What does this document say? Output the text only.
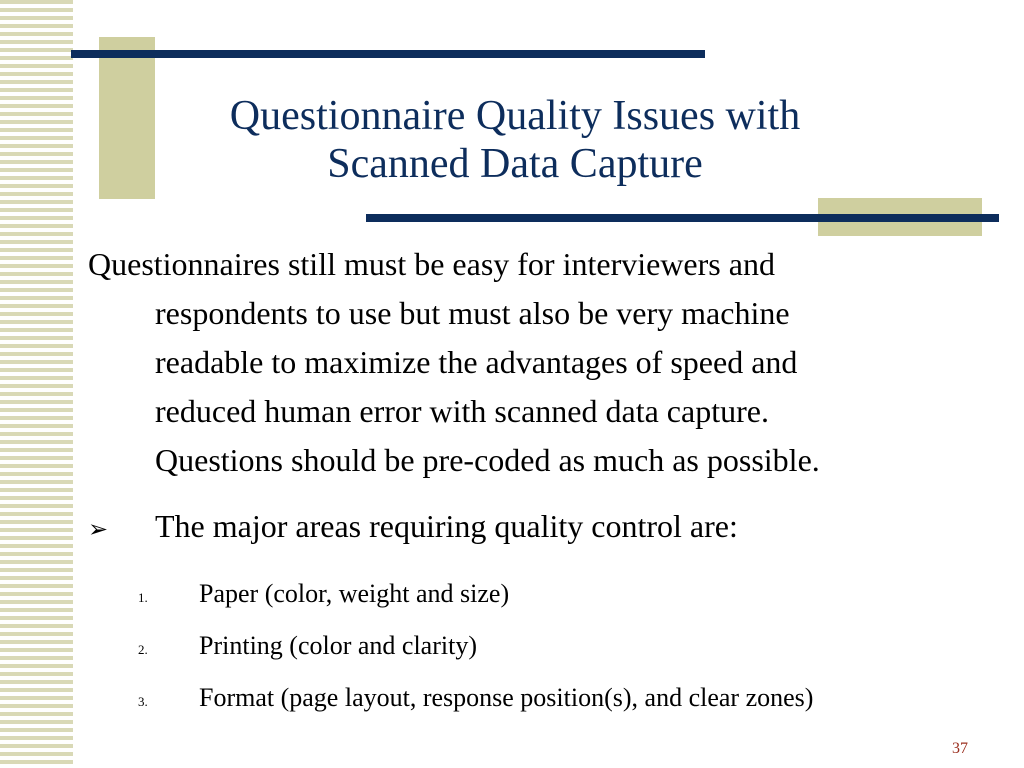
Questionnaire Quality Issues with
Scanned Data Capture
Questionnaires still must be easy for interviewers and
respondents to use but must also be very machine
readable to maximize the advantages of speed and
reduced human error with scanned data capture.
Questions should be pre-coded as much as possible.
➢ The major areas requiring quality control are:
1.	Paper (color, weight and size)
2.	Printing (color and clarity)
3.	Format (page layout, response position(s), and clear zones)
37
